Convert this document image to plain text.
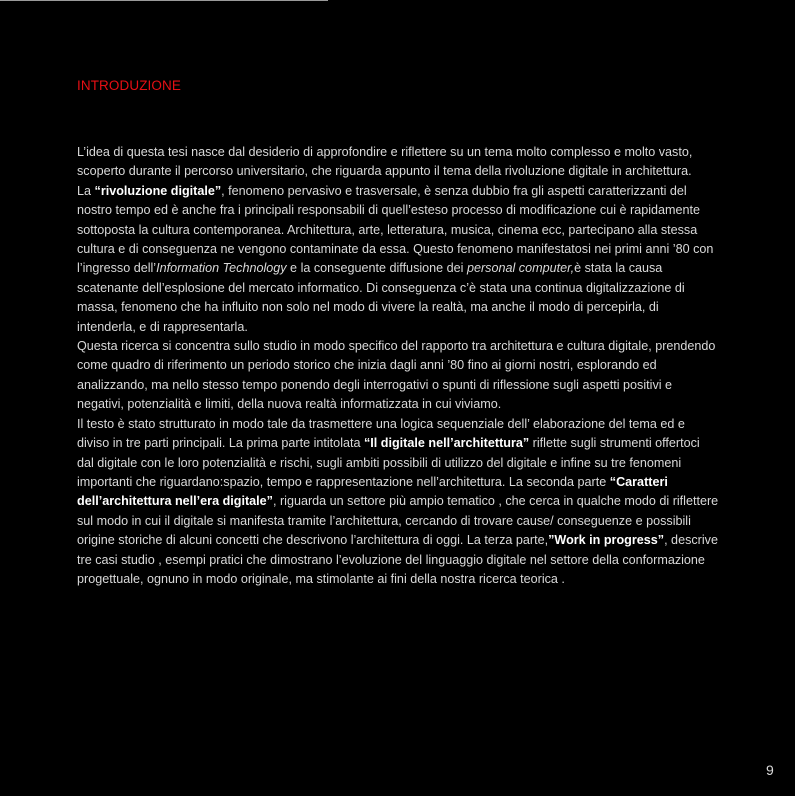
INTRODUZIONE

L’idea di questa tesi nasce dal desiderio di approfondire e riflettere su un tema molto complesso e molto vasto, scoperto durante il percorso universitario, che riguarda appunto il tema della rivoluzione digitale in architettura.

La “rivoluzione digitale”, fenomeno pervasivo e trasversale, è senza dubbio fra gli aspetti caratterizzanti del nostro tempo ed è anche fra i principali responsabili di quell’esteso processo di modificazione cui è rapidamente sottoposta la cultura contemporanea. Architettura, arte, letteratura, musica, cinema ecc, partecipano alla stessa cultura e di conseguenza ne vengono contaminate da essa. Questo fenomeno manifestatosi nei primi anni ’80 con l’ingresso dell’Information Technology e la conseguente diffusione dei personal computer,è stata la causa scatenante dell’esplosione del mercato informatico. Di conseguenza c’è stata una continua digitalizzazione di massa, fenomeno che ha influito non solo nel modo di vivere la realtà, ma anche il modo di percepirla, di intenderla, e di rappresentarla.

Questa ricerca si concentra sullo studio in modo specifico del rapporto tra architettura e cultura digitale, prendendo come quadro di riferimento un periodo storico che inizia dagli anni ’80 fino ai giorni nostri, esplorando ed analizzando, ma nello stesso tempo ponendo degli interrogativi o spunti di riflessione sugli aspetti positivi e negativi, potenzialità e limiti, della nuova realtà informatizzata in cui viviamo.

Il testo è stato strutturato in modo tale da trasmettere una logica sequenziale dell’ elaborazione del tema ed e diviso in tre parti principali. La prima parte intitolata “Il digitale nell’architettura” riflette sugli strumenti offertoci dal digitale con le loro potenzialità e rischi, sugli ambiti possibili di utilizzo del digitale e infine su tre fenomeni importanti che riguardano:spazio, tempo e rappresentazione nell’architettura. La seconda parte “Caratteri dell’architettura nell’era digitale”, riguarda un settore più ampio tematico , che cerca in qualche modo di riflettere sul modo in cui il digitale si manifesta tramite l’architettura, cercando di trovare cause/ conseguenze e possibili origine storiche di alcuni concetti che descrivono l’architettura di oggi. La terza parte,”Work in progress”, descrive tre casi studio , esempi pratici che dimostrano l’evoluzione del linguaggio digitale nel settore della conformazione progettuale, ognuno in modo originale, ma stimolante ai fini della nostra ricerca teorica .

9
